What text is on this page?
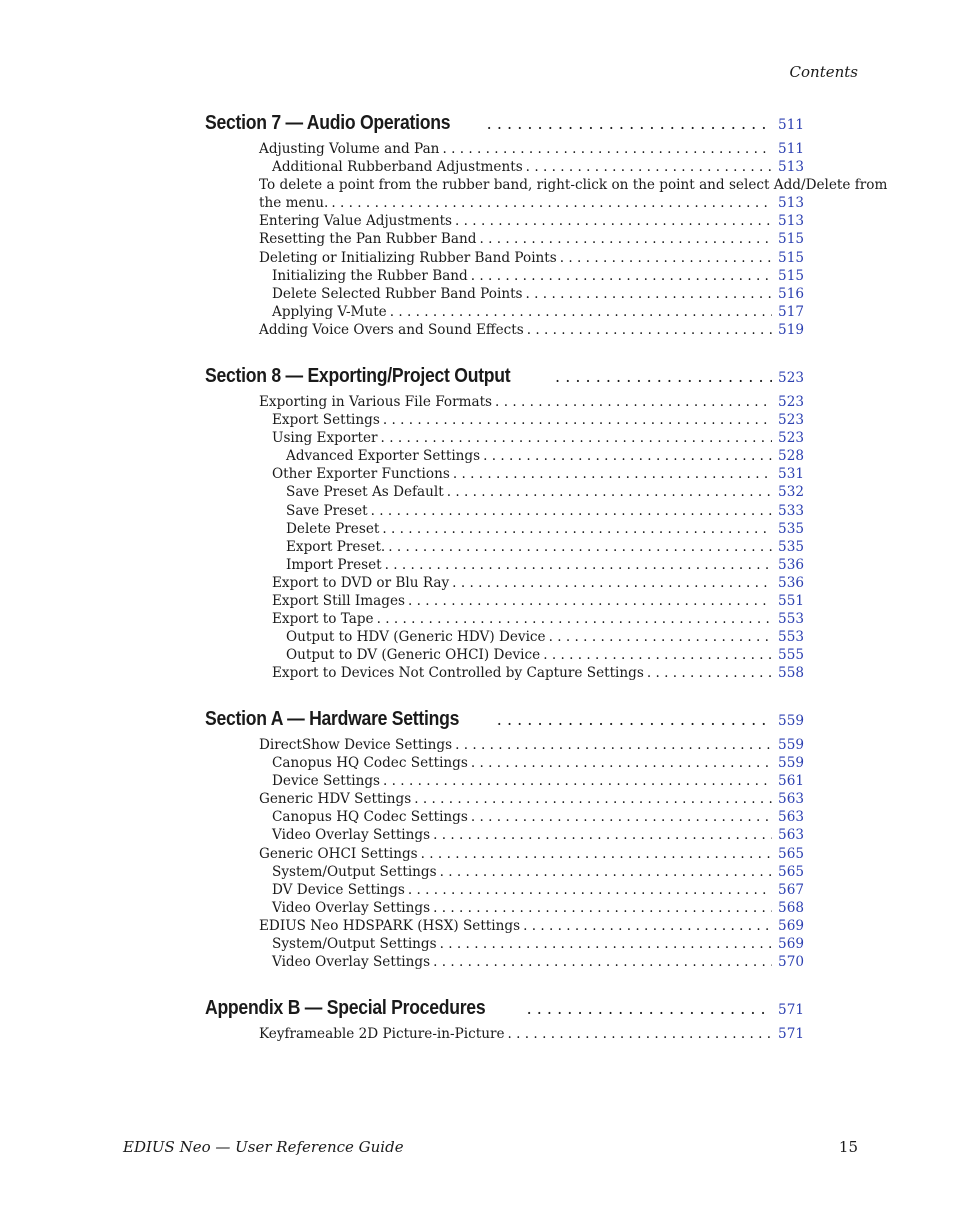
Contents
Section 7 — Audio Operations . . .	511
Adjusting Volume and Pan . . .	511
Additional Rubberband Adjustments . . .	513
To delete a point from the rubber band, right-click on the point and select Add/Delete from
the menu. . . .	513
Entering Value Adjustments . . .	513
Resetting the Pan Rubber Band . . .	515
Deleting or Initializing Rubber Band Points . . .	515
Initializing the Rubber Band . . .	515
Delete Selected Rubber Band Points . . .	516
Applying V-Mute . . .	517
Adding Voice Overs and Sound Effects . . .	519
Section 8 — Exporting/Project Output . . .	523
Exporting in Various File Formats . . .	523
Export Settings . . .	523
Using Exporter . . .	523
Advanced Exporter Settings . . .	528
Other Exporter Functions . . .	531
Save Preset As Default . . .	532
Save Preset . . .	533
Delete Preset . . .	535
Export Preset. . . .	535
Import Preset . . .	536
Export to DVD or Blu Ray . . .	536
Export Still Images . . .	551
Export to Tape . . .	553
Output to HDV (Generic HDV) Device . . .	553
Output to DV (Generic OHCI) Device . . .	555
Export to Devices Not Controlled by Capture Settings . . .	558
Section A — Hardware Settings . . .	559
DirectShow Device Settings . . .	559
Canopus HQ Codec Settings . . .	559
Device Settings . . .	561
Generic HDV Settings . . .	563
Canopus HQ Codec Settings . . .	563
Video Overlay Settings . . .	563
Generic OHCI Settings . . .	565
System/Output Settings . . .	565
DV Device Settings . . .	567
Video Overlay Settings . . .	568
EDIUS Neo HDSPARK (HSX) Settings . . .	569
System/Output Settings . . .	569
Video Overlay Settings . . .	570
Appendix B — Special Procedures . . .	571
Keyframeable 2D Picture-in-Picture . . .	571
EDIUS Neo — User Reference Guide	15
